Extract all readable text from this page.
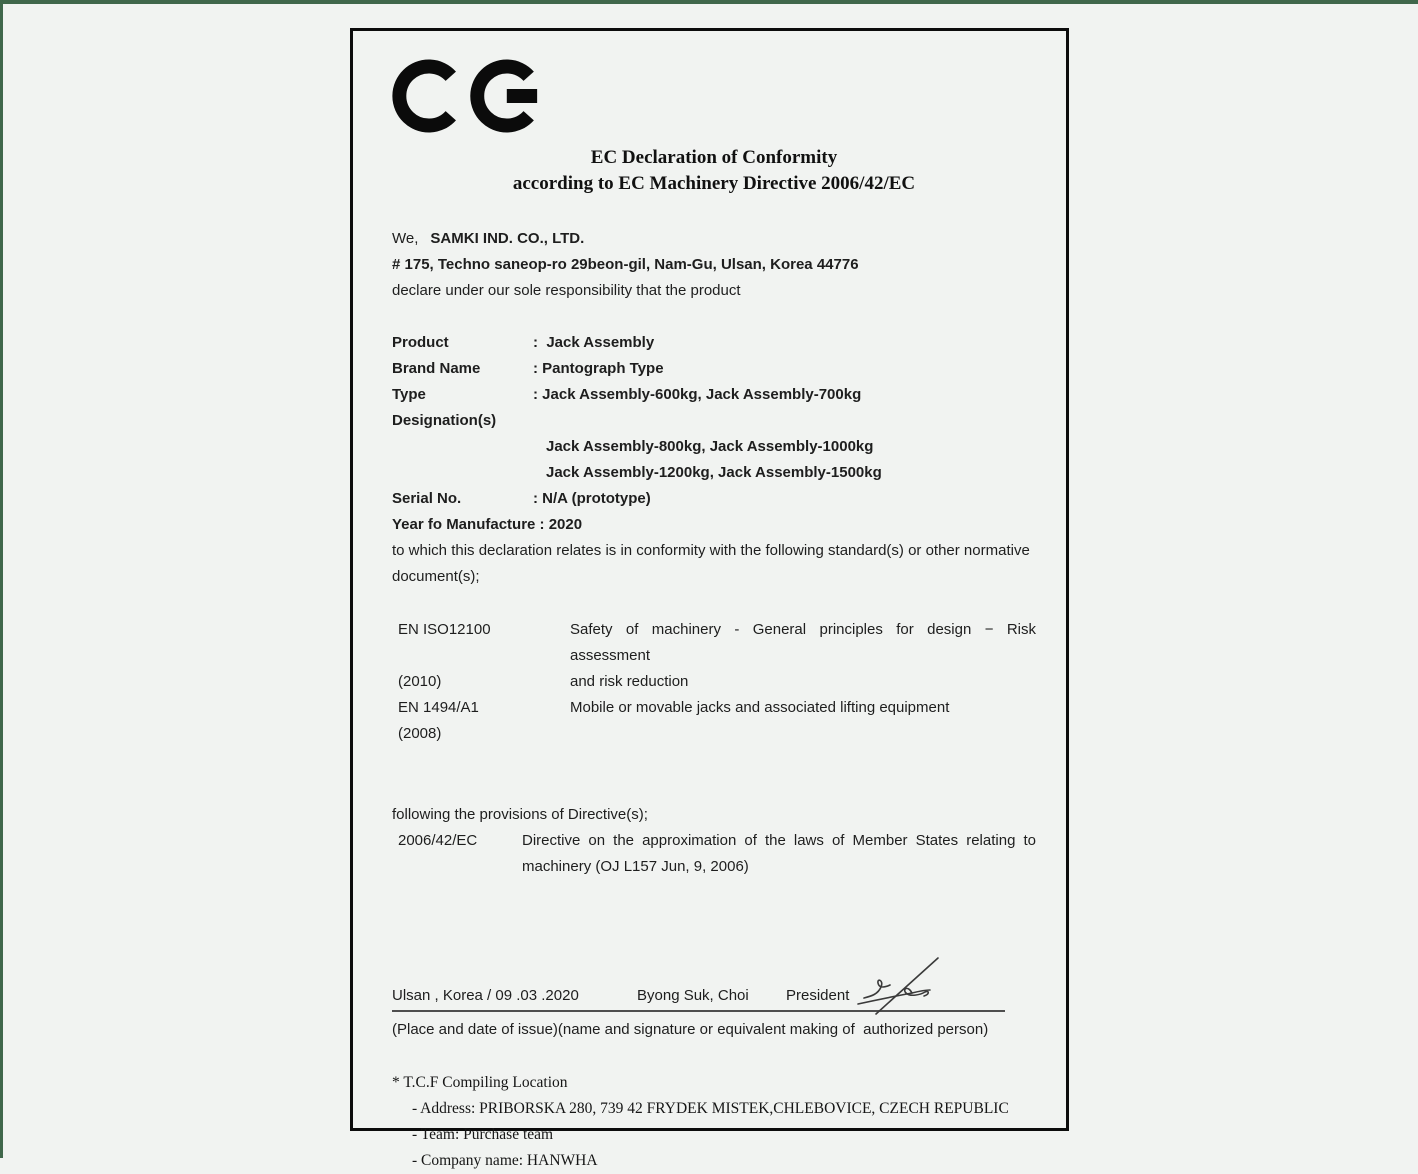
EC Declaration of Conformity
according to EC Machinery Directive 2006/42/EC
We, SAMKI IND. CO., LTD.
# 175, Techno saneop-ro 29beon-gil, Nam-Gu, Ulsan, Korea 44776
declare under our sole responsibility that the product
Product	:  Jack Assembly
Brand Name	: Pantograph Type
Type  Designation(s)
: Jack Assembly-600kg, Jack Assembly-700kg
Jack Assembly-800kg, Jack Assembly-1000kg
Jack Assembly-1200kg, Jack Assembly-1500kg
Serial No.	: N/A (prototype)
Year fo Manufacture : 2020
to which this declaration relates is in conformity with the following standard(s) or other normative
document(s);
EN ISO12100	Safety of machinery - General principles for design − Risk assessment
(2010)	and risk reduction
EN 1494/A1	Mobile or movable jacks and associated lifting equipment
(2008)
following the provisions of Directive(s);
2006/42/EC	Directive on the approximation of the laws of Member States relating to
machinery (OJ L157 Jun, 9, 2006)
Ulsan , Korea / 09 .03 .2020	Byong Suk, Choi President
(Place and date of issue)(name and signature or equivalent making of  authorized person)
* T.C.F Compiling Location
- Address: PRIBORSKA 280, 739 42 FRYDEK MISTEK,CHLEBOVICE, CZECH REPUBLIC
- Team: Purchase team
- Company name: HANWHA
